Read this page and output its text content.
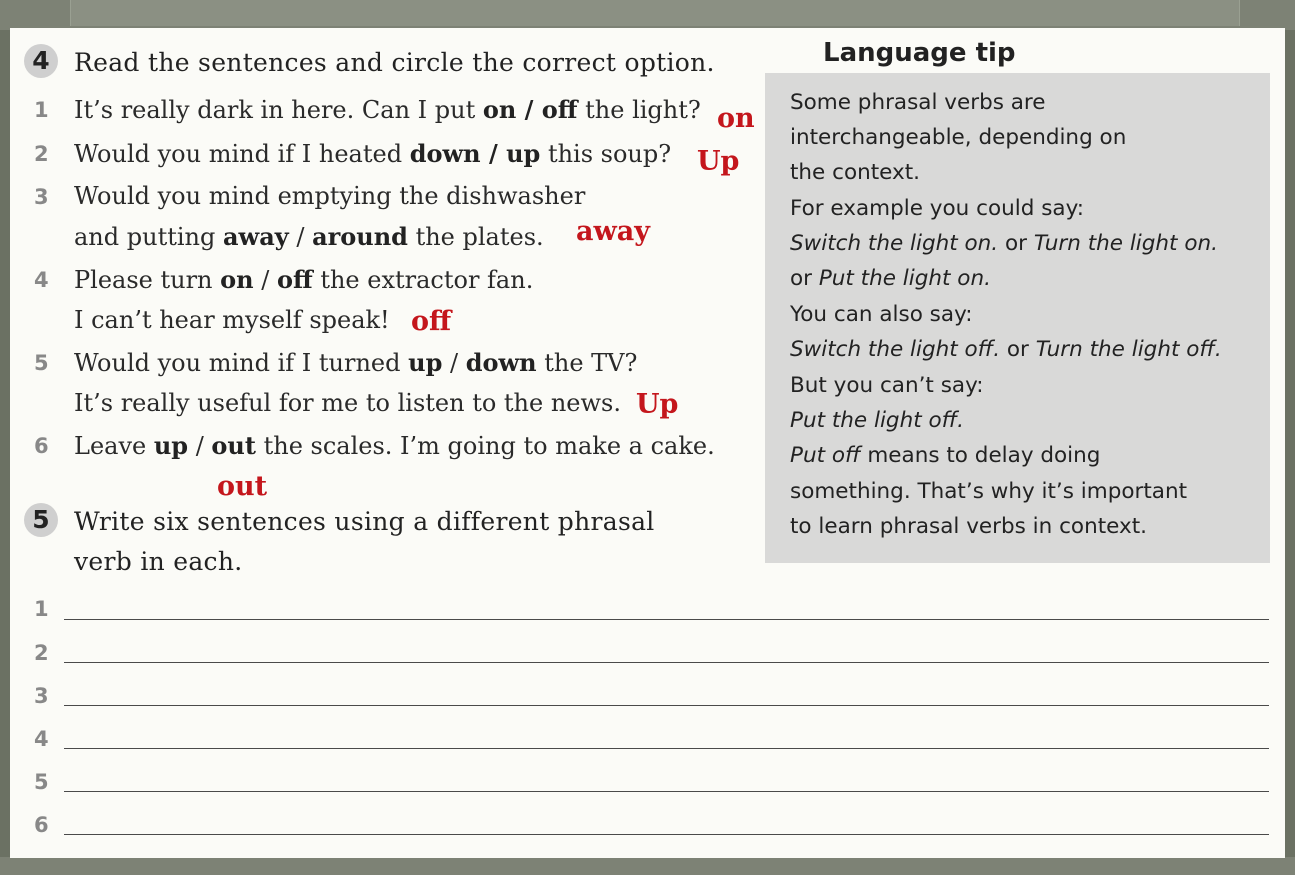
Language tip
Some phrasal verbs are
interchangeable, depending on
the context.
For example you could say:
Switch the light on. or Turn the light on.
or Put the light on.
You can also say:
Switch the light off. or Turn the light off.
But you can’t say:
Put the light off.
Put off means to delay doing
something. That’s why it’s important
to learn phrasal verbs in context.
4 Read the sentences and circle the correct option.
1 It’s really dark in here. Can I put on / off the light? on
2 Would you mind if I heated down / up this soup? Up
3 Would you mind emptying the dishwasher
and putting away / around the plates. away
4 Please turn on / off the extractor fan.
I can’t hear myself speak! off
5 Would you mind if I turned up / down the TV?
It’s really useful for me to listen to the news. Up
6 Leave up / out the scales. I’m going to make a cake.
out
5 Write six sentences using a different phrasal
verb in each.
1
2
3
4
5
6
